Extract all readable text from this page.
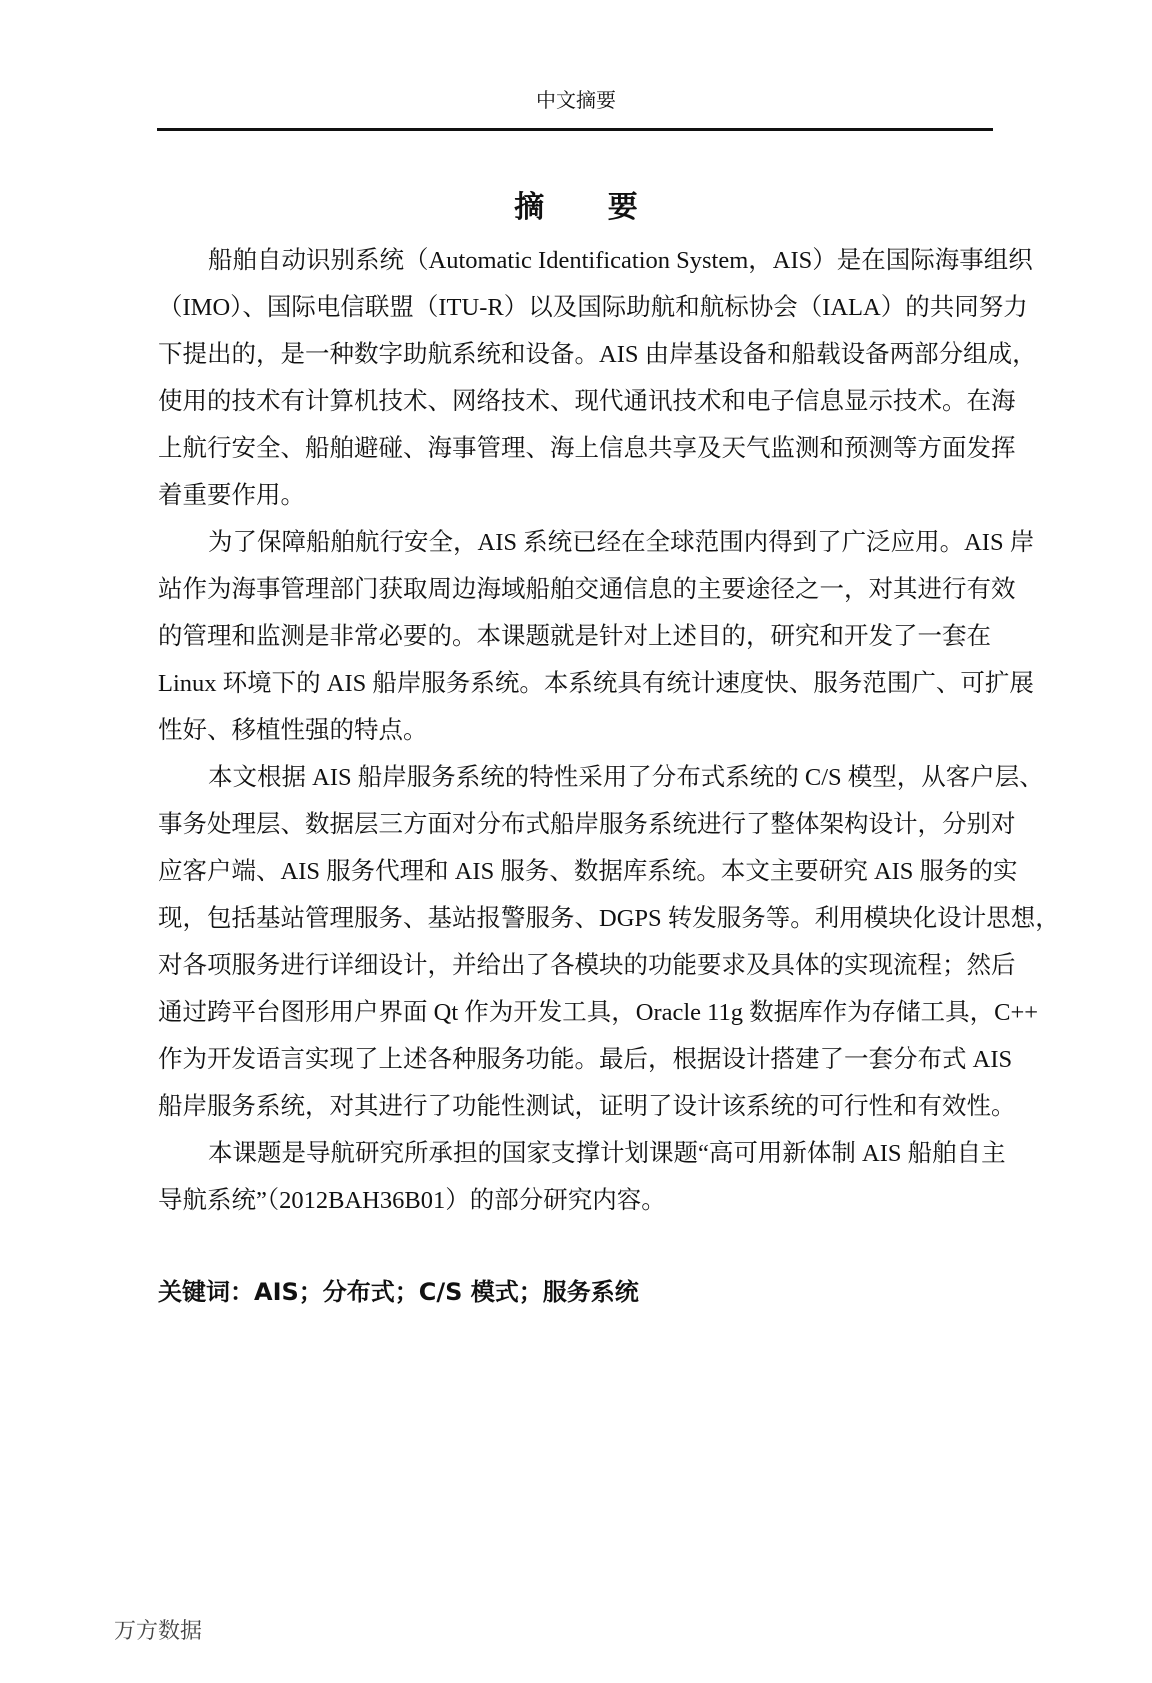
中文摘要
摘 要
船舶自动识别系统（Automatic Identification System，AIS）是在国际海事组织
（IMO）、国际电信联盟（ITU-R）以及国际助航和航标协会（IALA）的共同努力
下提出的，是一种数字助航系统和设备。AIS 由岸基设备和船载设备两部分组成，
使用的技术有计算机技术、网络技术、现代通讯技术和电子信息显示技术。在海
上航行安全、船舶避碰、海事管理、海上信息共享及天气监测和预测等方面发挥
着重要作用。
为了保障船舶航行安全，AIS 系统已经在全球范围内得到了广泛应用。AIS 岸
站作为海事管理部门获取周边海域船舶交通信息的主要途径之一，对其进行有效
的管理和监测是非常必要的。本课题就是针对上述目的，研究和开发了一套在
Linux 环境下的 AIS 船岸服务系统。本系统具有统计速度快、服务范围广、可扩展
性好、移植性强的特点。
本文根据 AIS 船岸服务系统的特性采用了分布式系统的 C/S 模型，从客户层、
事务处理层、数据层三方面对分布式船岸服务系统进行了整体架构设计，分别对
应客户端、AIS 服务代理和 AIS 服务、数据库系统。本文主要研究 AIS 服务的实
现，包括基站管理服务、基站报警服务、DGPS 转发服务等。利用模块化设计思想，
对各项服务进行详细设计，并给出了各模块的功能要求及具体的实现流程；然后
通过跨平台图形用户界面 Qt 作为开发工具，Oracle 11g 数据库作为存储工具，C++
作为开发语言实现了上述各种服务功能。最后，根据设计搭建了一套分布式 AIS
船岸服务系统，对其进行了功能性测试，证明了设计该系统的可行性和有效性。
本课题是导航研究所承担的国家支撑计划课题“高可用新体制 AIS 船舶自主
导航系统”（2012BAH36B01）的部分研究内容。
关键词：AIS；分布式；C/S 模式；服务系统
万方数据
